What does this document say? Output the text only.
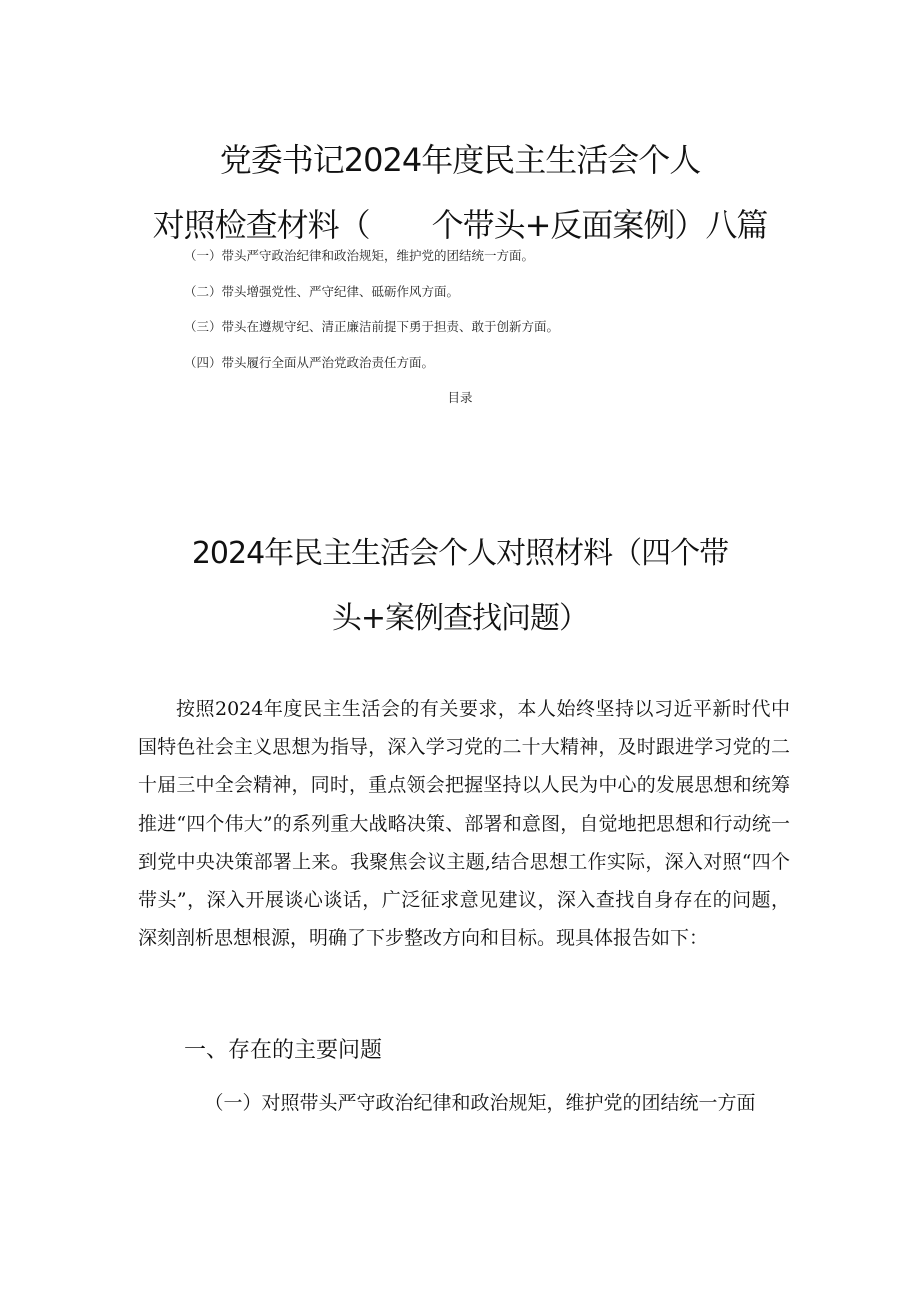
党委书记2024年度民主生活会个人
对照检查材料（　　个带头+反面案例）八篇
（一）带头严守政治纪律和政治规矩，维护党的团结统一方面。
（二）带头增强党性、严守纪律、砥砺作风方面。
（三）带头在遵规守纪、清正廉洁前提下勇于担责、敢于创新方面。
（四）带头履行全面从严治党政治责任方面。
目录
2024年民主生活会个人对照材料（四个带
头+案例查找问题）

按照2024年度民主生活会的有关要求，本人始终坚持以习近平新时代中国特色社会主义思想为指导，深入学习党的二十大精神，及时跟进学习党的二十届三中全会精神，同时，重点领会把握坚持以人民为中心的发展思想和统筹推进“四个伟大”的系列重大战略决策、部署和意图，自觉地把思想和行动统一到党中央决策部署上来。我聚焦会议主题,结合思想工作实际，深入对照“四个带头”，深入开展谈心谈话，广泛征求意见建议，深入查找自身存在的问题，深刻剖析思想根源，明确了下步整改方向和目标。现具体报告如下：

一、存在的主要问题

（一）对照带头严守政治纪律和政治规矩，维护党的团结统一方面
